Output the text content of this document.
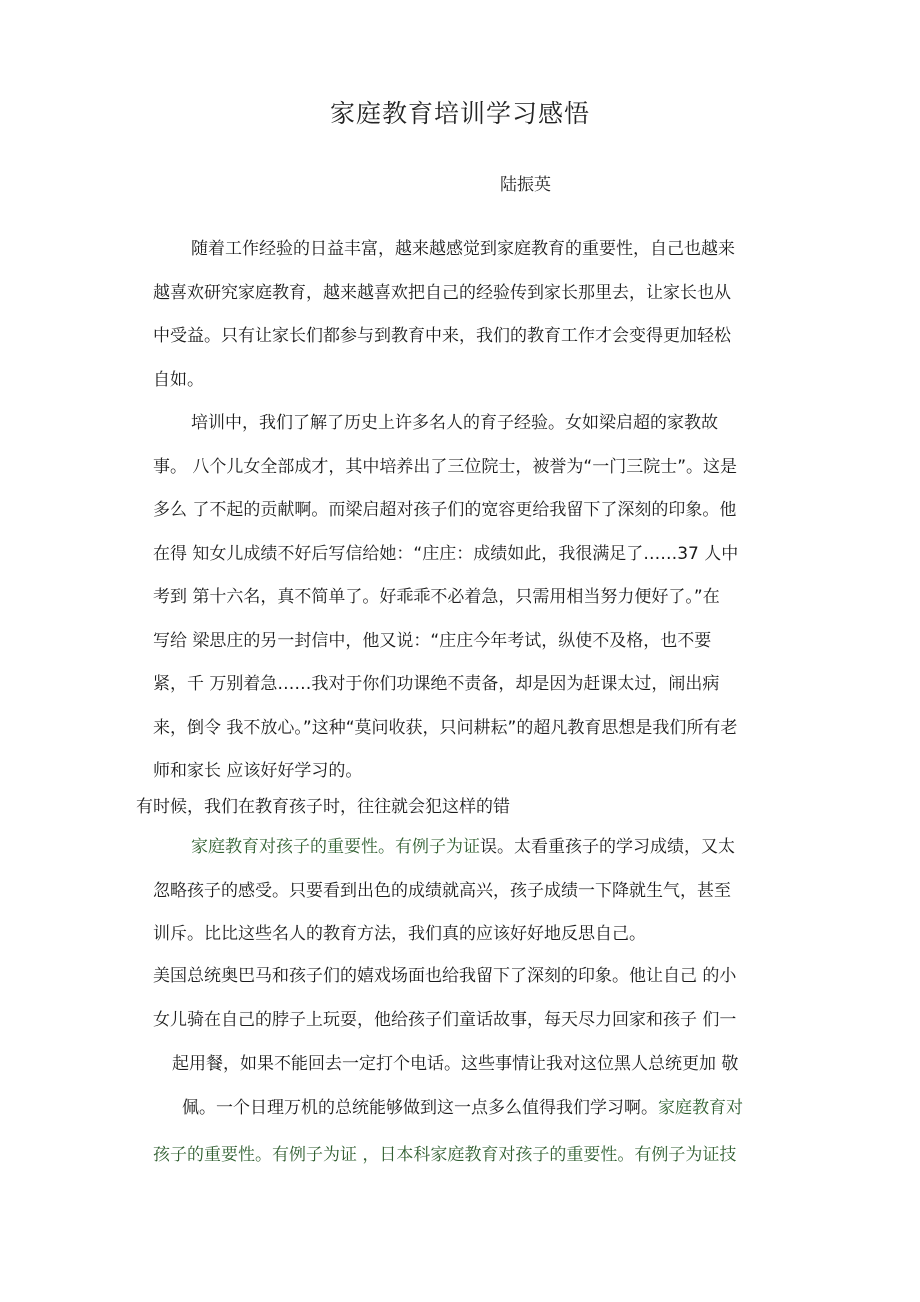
家庭教育培训学习感悟
陆振英
随着工作经验的日益丰富，越来越感觉到家庭教育的重要性，自己也越来
越喜欢研究家庭教育，越来越喜欢把自己的经验传到家长那里去，让家长也从
中受益。只有让家长们都参与到教育中来，我们的教育工作才会变得更加轻松
自如。
培训中，我们了解了历史上许多名人的育子经验。女如梁启超的家教故
事。 八个儿女全部成才，其中培养出了三位院士，被誉为“一门三院士”。这是
多么 了不起的贡献啊。而梁启超对孩子们的宽容更给我留下了深刻的印象。他
在得 知女儿成绩不好后写信给她：“庄庄：成绩如此，我很满足了……37 人中
考到 第十六名，真不简单了。好乖乖不必着急，只需用相当努力便好了。”在
写给 梁思庄的另一封信中，他又说：“庄庄今年考试，纵使不及格，也不要
紧，千 万别着急……我对于你们功课绝不责备，却是因为赶课太过，闹出病
来，倒令 我不放心。”这种“莫问收获，只问耕耘”的超凡教育思想是我们所有老
师和家长 应该好好学习的。
有时候，我们在教育孩子时，往往就会犯这样的错
家庭教育对孩子的重要性。有例子为证误。太看重孩子的学习成绩，又太
忽略孩子的感受。只要看到出色的成绩就高兴，孩子成绩一下降就生气，甚至
训斥。比比这些名人的教育方法，我们真的应该好好地反思自己。
美国总统奥巴马和孩子们的嬉戏场面也给我留下了深刻的印象。他让自己 的小
女儿骑在自己的脖子上玩耍，他给孩子们童话故事，每天尽力回家和孩子 们一
起用餐，如果不能回去一定打个电话。这些事情让我对这位黑人总统更加 敬
佩。一个日理万机的总统能够做到这一点多么值得我们学习啊。家庭教育对
孩子的重要性。有例子为证 ，日本科家庭教育对孩子的重要性。有例子为证技
